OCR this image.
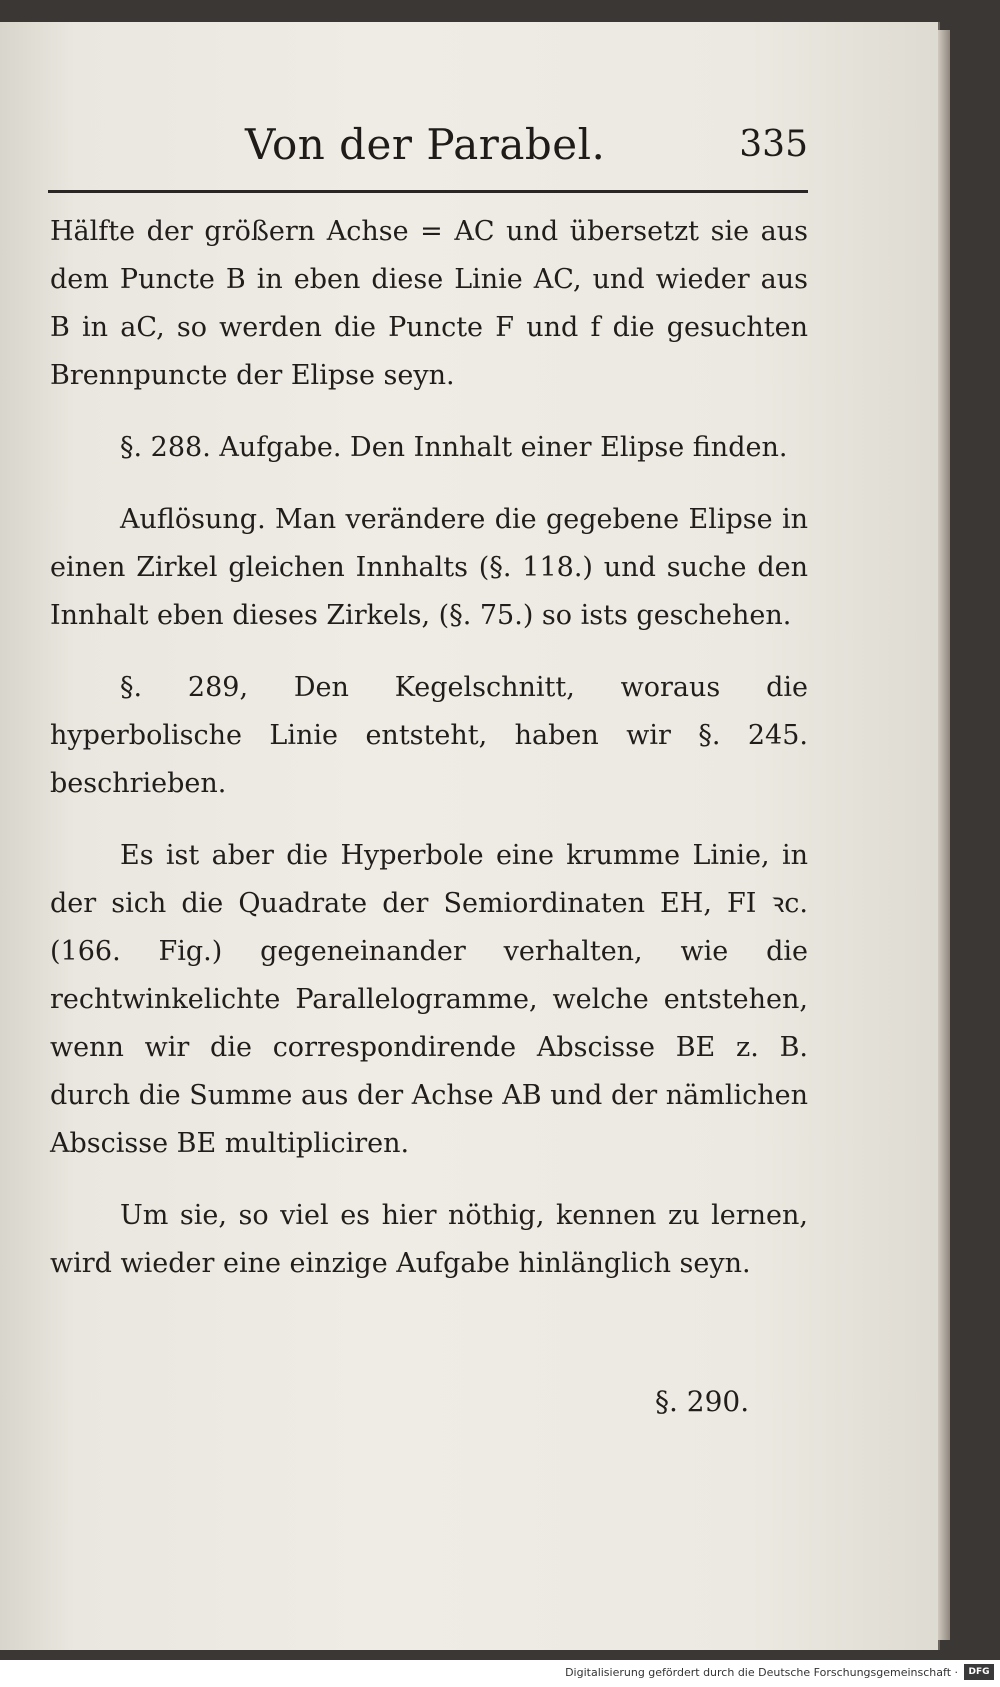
Von der Parabel.	335

Hälfte der größern Achse = AC und übersetzt sie aus dem Puncte B in eben diese Linie AC, und wieder aus B in aC, so werden die Puncte F und f die gesuchten Brennpuncte der Elipse seyn.

§. 288. Aufgabe. Den Innhalt einer Elipse finden.

Auflösung. Man verändere die gegebene Elipse in einen Zirkel gleichen Innhalts (§. 118.) und suche den Innhalt eben dieses Zirkels, (§. 75.) so ists geschehen.

§. 289, Den Kegelschnitt, woraus die hyperbolische Linie entsteht, haben wir §. 245. beschrieben.

Es ist aber die Hyperbole eine krumme Linie, in der sich die Quadrate der Semiordinaten EH, FI ꝛc. (166. Fig.) gegeneinander verhalten, wie die rechtwinkelichte Parallelogramme, welche entstehen, wenn wir die correspondirende Abscisse BE z. B. durch die Summe aus der Achse AB und der nämlichen Abscisse BE multipliciren.

Um sie, so viel es hier nöthig, kennen zu lernen, wird wieder eine einzige Aufgabe hinlänglich seyn.

§. 290.
Digitalisierung gefördert durch die Deutsche Forschungsgemeinschaft ·	DFG
